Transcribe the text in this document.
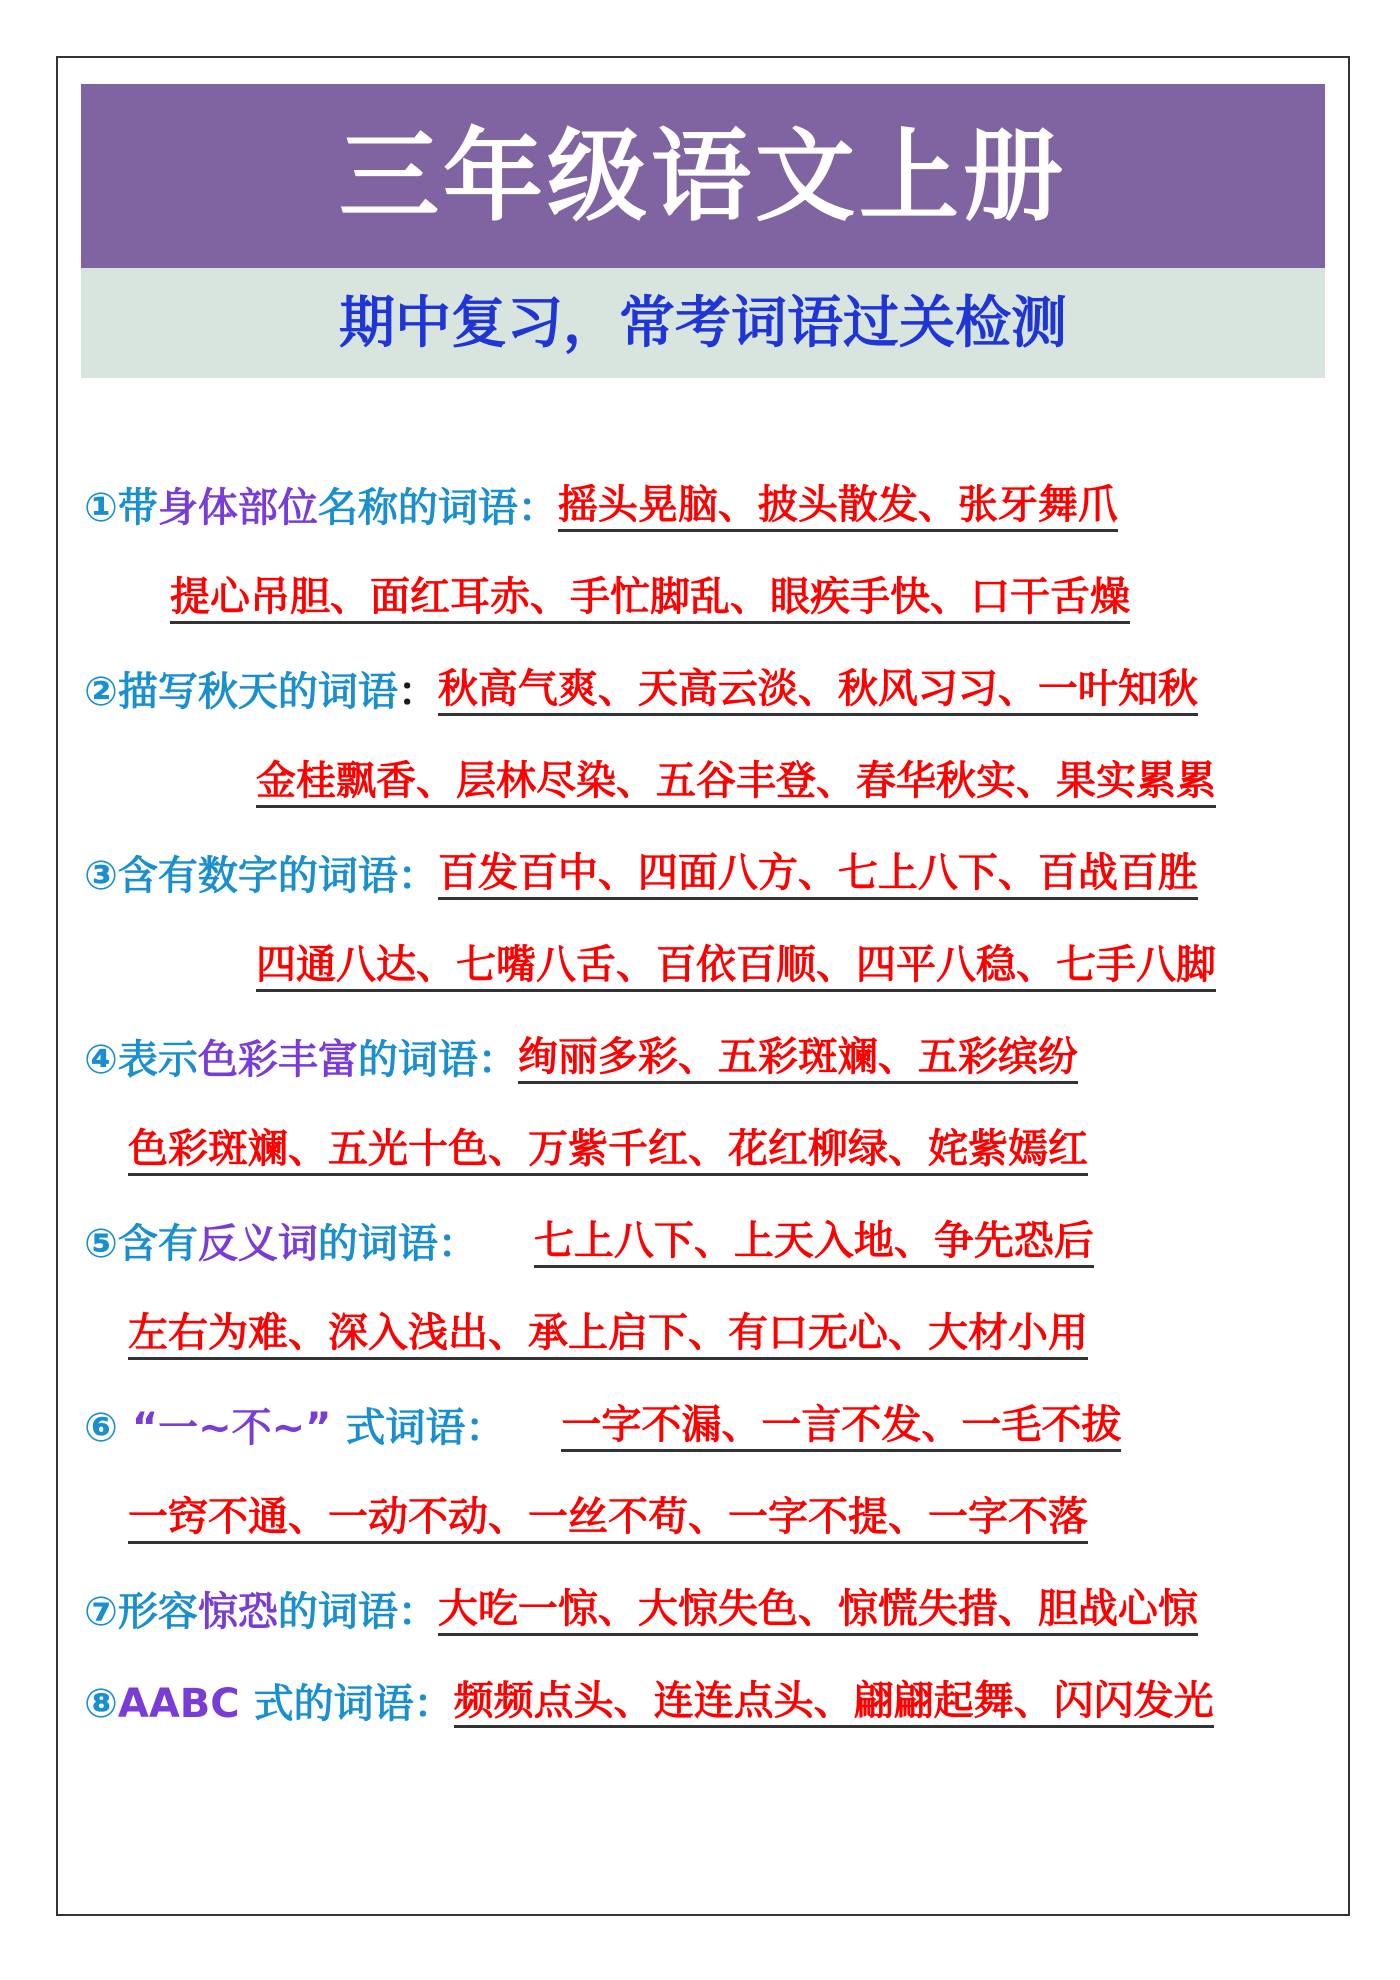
三年级语文上册
期中复习，常考词语过关检测
①带身体部位名称的词语： 摇头晃脑、披头散发、张牙舞爪
提心吊胆、面红耳赤、手忙脚乱、眼疾手快、口干舌燥
②描写秋天的词语： 秋高气爽、天高云淡、秋风习习、一叶知秋
金桂飘香、层林尽染、五谷丰登、春华秋实、果实累累
③含有数字的词语： 百发百中、四面八方、七上八下、百战百胜
四通八达、七嘴八舌、百依百顺、四平八稳、七手八脚
④表示色彩丰富的词语： 绚丽多彩、五彩斑斓、五彩缤纷
色彩斑斓、五光十色、万紫千红、花红柳绿、姹紫嫣红
⑤含有反义词的词语： 七上八下、上天入地、争先恐后
左右为难、深入浅出、承上启下、有口无心、大材小用
⑥ “一~不~” 式词语： 一字不漏、一言不发、一毛不拔
一窍不通、一动不动、一丝不苟、一字不提、一字不落
⑦形容惊恐的词语： 大吃一惊、大惊失色、惊慌失措、胆战心惊
⑧AABC 式的词语： 频频点头、连连点头、翩翩起舞、闪闪发光
